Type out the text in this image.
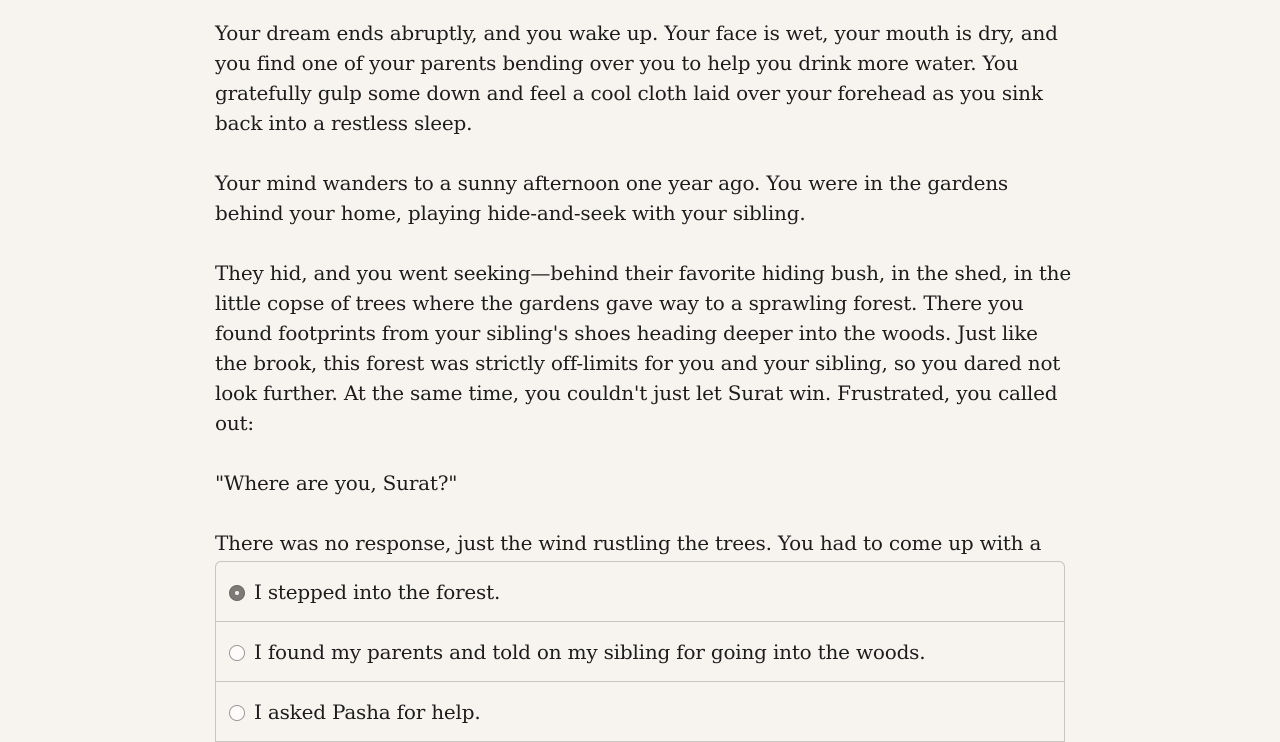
Your dream ends abruptly, and you wake up. Your face is wet, your mouth is dry, and you find one of your parents bending over you to help you drink more water. You gratefully gulp some down and feel a cool cloth laid over your forehead as you sink back into a restless sleep.

Your mind wanders to a sunny afternoon one year ago. You were in the gardens behind your home, playing hide-and-seek with your sibling.

They hid, and you went seeking—behind their favorite hiding bush, in the shed, in the little copse of trees where the gardens gave way to a sprawling forest. There you found footprints from your sibling's shoes heading deeper into the woods. Just like the brook, this forest was strictly off-limits for you and your sibling, so you dared not look further. At the same time, you couldn't just let Surat win. Frustrated, you called out:

"Where are you, Surat?"

There was no response, just the wind rustling the trees. You had to come up with a

I stepped into the forest.
I found my parents and told on my sibling for going into the woods.
I asked Pasha for help.
